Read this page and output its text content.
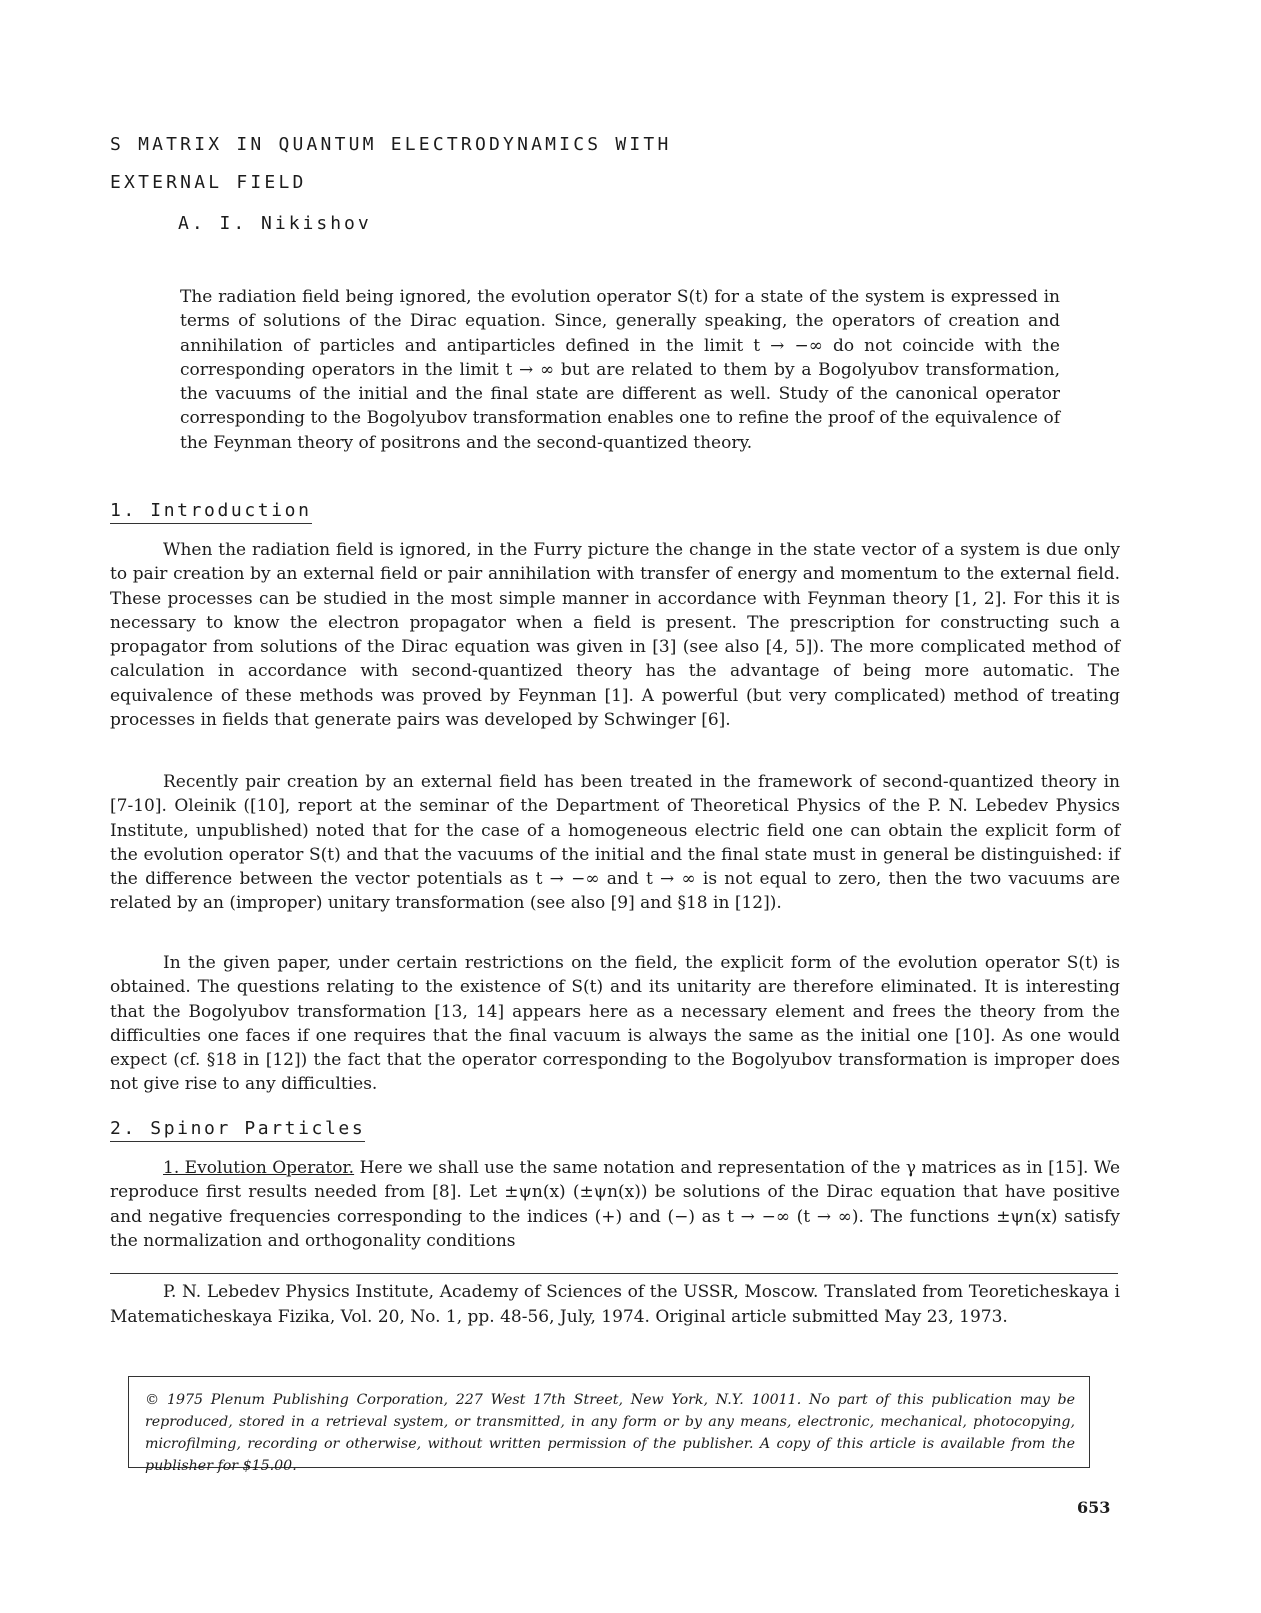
S MATRIX IN QUANTUM ELECTRODYNAMICS WITH
EXTERNAL FIELD

A. I. Nikishov

The radiation field being ignored, the evolution operator S(t) for a state of the system is expressed in terms of solutions of the Dirac equation. Since, generally speaking, the operators of creation and annihilation of particles and antiparticles defined in the limit t → −∞ do not coincide with the corresponding operators in the limit t → ∞ but are related to them by a Bogolyubov transformation, the vacuums of the initial and the final state are different as well. Study of the canonical operator corresponding to the Bogolyubov transformation enables one to refine the proof of the equivalence of the Feynman theory of positrons and the second-quantized theory.

1. Introduction

When the radiation field is ignored, in the Furry picture the change in the state vector of a system is due only to pair creation by an external field or pair annihilation with transfer of energy and momentum to the external field. These processes can be studied in the most simple manner in accordance with Feynman theory [1, 2]. For this it is necessary to know the electron propagator when a field is present. The prescription for constructing such a propagator from solutions of the Dirac equation was given in [3] (see also [4, 5]). The more complicated method of calculation in accordance with second-quantized theory has the advantage of being more automatic. The equivalence of these methods was proved by Feynman [1]. A powerful (but very complicated) method of treating processes in fields that generate pairs was developed by Schwinger [6].

Recently pair creation by an external field has been treated in the framework of second-quantized theory in [7-10]. Oleinik ([10], report at the seminar of the Department of Theoretical Physics of the P. N. Lebedev Physics Institute, unpublished) noted that for the case of a homogeneous electric field one can obtain the explicit form of the evolution operator S(t) and that the vacuums of the initial and the final state must in general be distinguished: if the difference between the vector potentials as t → −∞ and t → ∞ is not equal to zero, then the two vacuums are related by an (improper) unitary transformation (see also [9] and §18 in [12]).

In the given paper, under certain restrictions on the field, the explicit form of the evolution operator S(t) is obtained. The questions relating to the existence of S(t) and its unitarity are therefore eliminated. It is interesting that the Bogolyubov transformation [13, 14] appears here as a necessary element and frees the theory from the difficulties one faces if one requires that the final vacuum is always the same as the initial one [10]. As one would expect (cf. §18 in [12]) the fact that the operator corresponding to the Bogolyubov transformation is improper does not give rise to any difficulties.

2. Spinor Particles

1. Evolution Operator. Here we shall use the same notation and representation of the γ matrices as in [15]. We reproduce first results needed from [8]. Let ±ψn(x) (±ψn(x)) be solutions of the Dirac equation that have positive and negative frequencies corresponding to the indices (+) and (−) as t → −∞ (t → ∞). The functions ±ψn(x) satisfy the normalization and orthogonality conditions

P. N. Lebedev Physics Institute, Academy of Sciences of the USSR, Moscow. Translated from Teoreticheskaya i Matematicheskaya Fizika, Vol. 20, No. 1, pp. 48-56, July, 1974. Original article submitted May 23, 1973.

© 1975 Plenum Publishing Corporation, 227 West 17th Street, New York, N.Y. 10011. No part of this publication may be reproduced, stored in a retrieval system, or transmitted, in any form or by any means, electronic, mechanical, photocopying, microfilming, recording or otherwise, without written permission of the publisher. A copy of this article is available from the publisher for $15.00.

653
